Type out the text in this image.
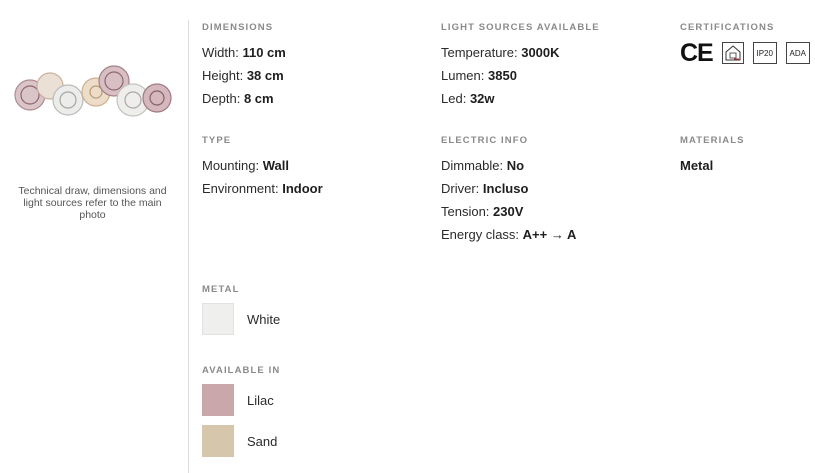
Technical draw, dimensions and light sources refer to the main photo
DIMENSIONS
Width: 110 cm
Height: 38 cm
Depth: 8 cm
LIGHT SOURCES AVAILABLE
Temperature: 3000K
Lumen: 3850
Led: 32w
CERTIFICATIONS
CE	IP20	ADA
TYPE
Mounting: Wall
Environment: Indoor
ELECTRIC INFO
Dimmable: No
Driver: Incluso
Tension: 230V
Energy class: A++ → A
MATERIALS
Metal
METAL
White
AVAILABLE IN
Lilac
Sand
